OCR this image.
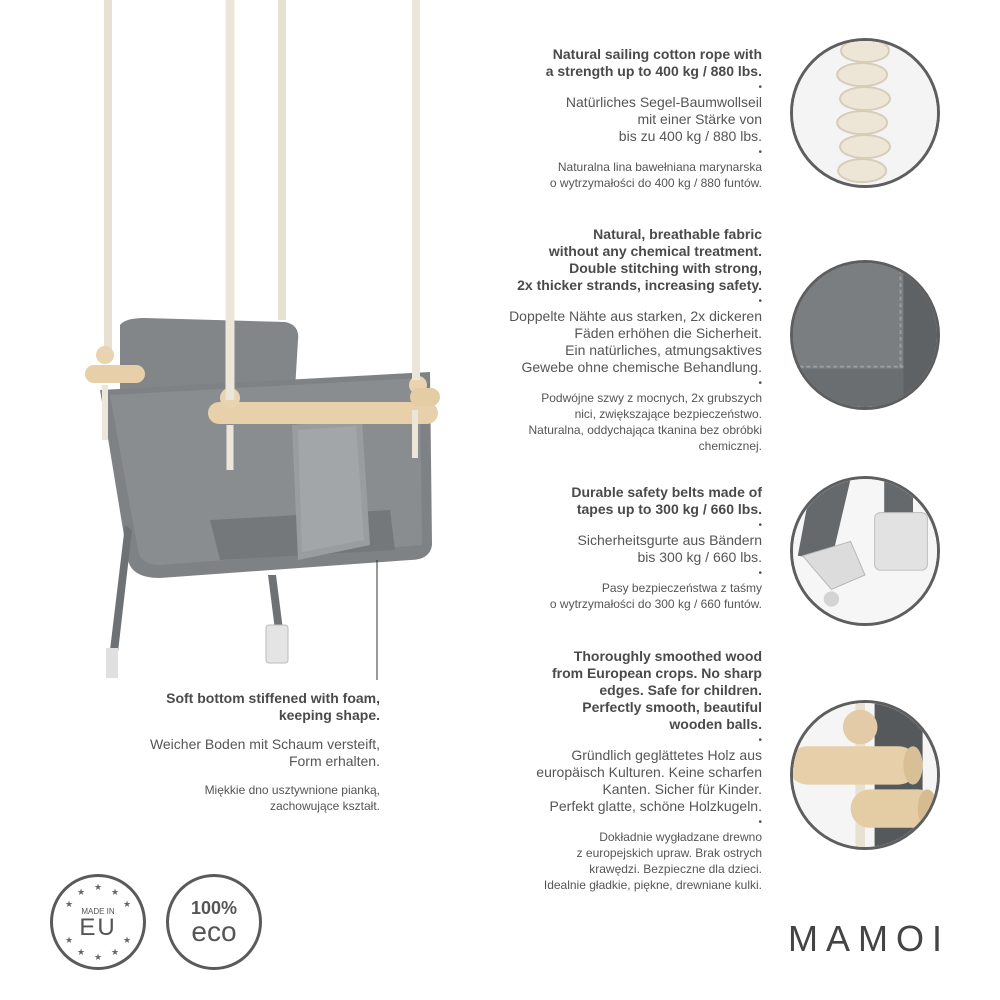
Natural sailing cotton rope with
a strength up to 400 kg / 880 lbs.
•
Natürliches Segel-Baumwollseil
mit einer Stärke von
bis zu 400 kg / 880 lbs.
•
Naturalna lina bawełniana marynarska
o wytrzymałości do 400 kg / 880 funtów.
Natural, breathable fabric
without any chemical treatment.
Double stitching with strong,
2x thicker strands, increasing safety.
•
Doppelte Nähte aus starken, 2x dickeren
Fäden erhöhen die Sicherheit.
Ein natürliches, atmungsaktives
Gewebe ohne chemische Behandlung.
•
Podwójne szwy z mocnych, 2x grubszych
nici, zwiększające bezpieczeństwo.
Naturalna, oddychająca tkanina bez obróbki
chemicznej.
Durable safety belts made of
tapes up to 300 kg / 660 lbs.
•
Sicherheitsgurte aus Bändern
bis 300 kg / 660 lbs.
•
Pasy bezpieczeństwa z taśmy
o wytrzymałości do 300 kg / 660 funtów.
Thoroughly smoothed wood
from European crops. No sharp
edges. Safe for children.
Perfectly smooth, beautiful
wooden balls.
•
Gründlich geglättetes Holz aus
europäisch Kulturen. Keine scharfen
Kanten. Sicher für Kinder.
Perfekt glatte, schöne Holzkugeln.
•
Dokładnie wygładzane drewno
z europejskich upraw. Brak ostrych
krawędzi. Bezpieczne dla dzieci.
Idealnie gładkie, piękne, drewniane kulki.
Soft bottom stiffened with foam,
keeping shape.
Weicher Boden mit Schaum versteift,
Form erhalten.
Miękkie dno usztywnione pianką,
zachowujące kształt.
★ ★
★
★
★
★
★
★
★
★
MADE IN
EU
100%
eco	MAMOI
